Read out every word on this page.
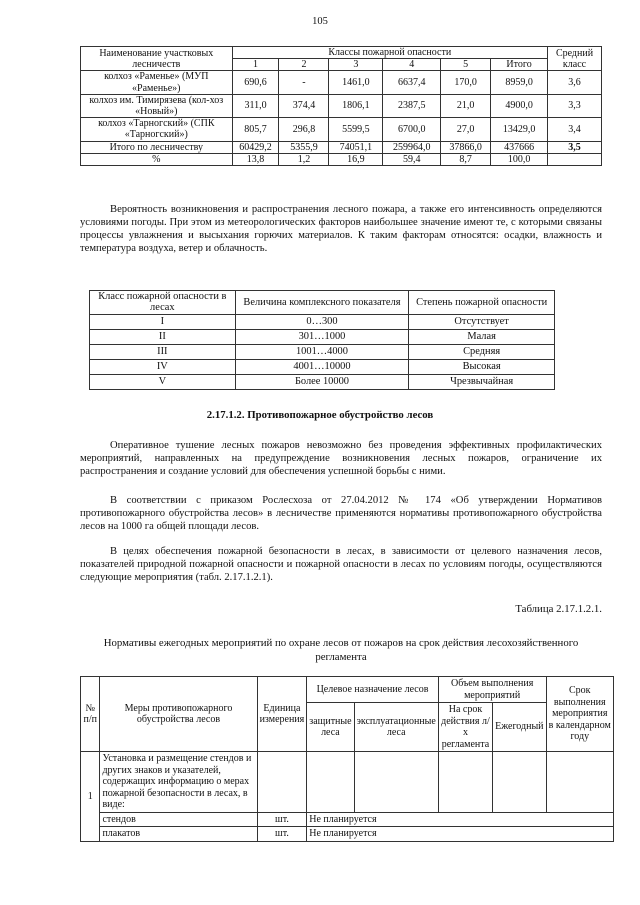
105
Наименование участковых лесничеств	Классы пожарной опасности						Средний класс
	1	2	3	4	5	Итого	
колхоз «Раменье» (МУП «Раменье»)	690,6	-	1461,0	6637,4	170,0	8959,0	3,6
колхоз им. Тимирязева (кол-хоз «Новый»)	311,0	374,4	1806,1	2387,5	21,0	4900,0	3,3
колхоз «Тарногский» (СПК «Тарногский»)	805,7	296,8	5599,5	6700,0	27,0	13429,0	3,4
Итого по лесничеству	60429,2	5355,9	74051,1	259964,0	37866,0	437666	3,5
%	13,8	1,2	16,9	59,4	8,7	100,0	

Вероятность возникновения и распространения лесного пожара, а также его интенсивность определяются условиями погоды. При этом из метеорологических факторов наибольшее значение имеют те, с которыми связаны процессы увлажнения и высыхания горючих материалов. К таким факторам относятся: осадки, влажность и температура воздуха, ветер и облачность.

Класс пожарной опасности в лесах	Величина комплексного показателя	Степень пожарной опасности
I	0…300	Отсутствует
II	301…1000	Малая
III	1001…4000	Средняя
IV	4001…10000	Высокая
V	Более 10000	Чрезвычайная
2.17.1.2. Противопожарное обустройство лесов

Оперативное тушение лесных пожаров невозможно без проведения эффективных профилактических мероприятий, направленных на предупреждение возникновения лесных пожаров, ограничение их распространения и создание условий для обеспечения успешной борьбы с ними.

В соответствии с приказом Рослесхоза от 27.04.2012 № 174 «Об утверждении Нормативов противопожарного обустройства лесов» в лесничестве применяются нормативы противопожарного обустройства лесов на 1000 га общей площади лесов.

В целях обеспечения пожарной безопасности в лесах, в зависимости от целевого назначения лесов, показателей природной пожарной опасности и пожарной опасности в лесах по условиям погоды, осуществляются следующие мероприятия (табл. 2.17.1.2.1).

Таблица 2.17.1.2.1.
Нормативы ежегодных мероприятий по охране лесов от пожаров на срок действия лесохозяйственного регламента
№ п/п	Меры противопожарного обустройства лесов	Единица измерения	Целевое назначение лесов		Объем выполнения мероприятий		Срок выполнения мероприятия в календарном году
			защитные леса	эксплуатационные леса	На срок действия л/х регламента	Ежегодный	
1	Установка и размещение стендов и других знаков и указателей, содержащих информацию о мерах пожарной безопасности в лесах, в виде:						
	стендов	шт.	Не планируется				
	плакатов	шт.	Не планируется				
